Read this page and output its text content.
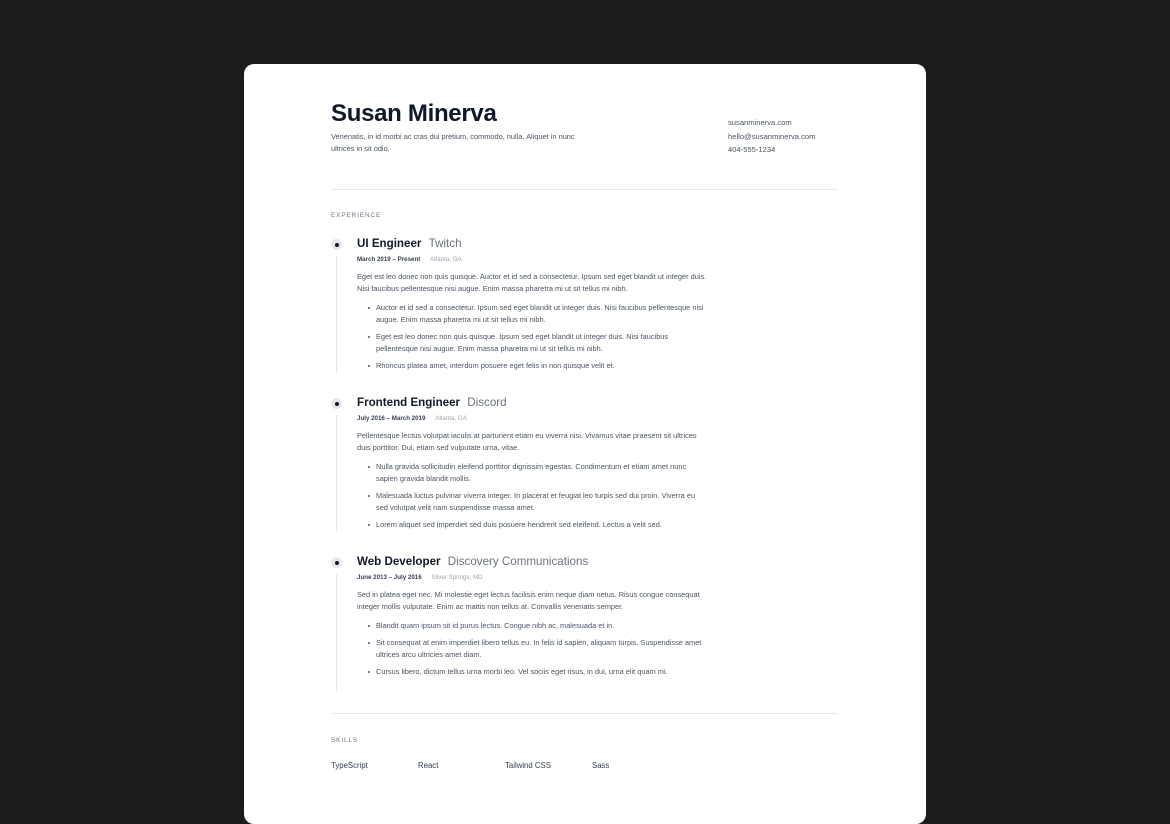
Susan Minerva
Venenatis, in id morbi ac cras dui pretium, commodo, nulla. Aliquet in nunc ultrices in sit odio.
susanminerva.com
hello@susanminerva.com
404-555-1234
EXPERIENCE
UI Engineer Twitch
March 2019 – Present Atlanta, GA
Eget est leo donec non quis quisque. Auctor et id sed a consectetur. Ipsum sed eget blandit ut integer duis. Nisi faucibus pellentesque nisi augue. Enim massa pharetra mi ut sit tellus mi nibh.
Auctor et id sed a consectetur. Ipsum sed eget blandit ut integer duis. Nisi faucibus pellentesque nisi augue. Enim massa pharetra mi ut sit tellus mi nibh.
Eget est leo donec non quis quisque. Ipsum sed eget blandit ut integer duis. Nisi faucibus pellentesque nisi augue. Enim massa pharetra mi ut sit tellus mi nibh.
Rhoncus platea amet, interdum posuere eget felis in non quisque velit et.
Frontend Engineer Discord
July 2016 – March 2019 Atlanta, GA
Pellentesque lectus volutpat iaculis at parturient etiam eu viverra nisi. Vivamus vitae praesent sit ultrices duis porttitor. Dui, etiam sed vulputate urna, vitae.
Nulla gravida sollicitudin eleifend porttitor dignissim egestas. Condimentum et etiam amet nunc sapien gravida blandit mollis.
Malesuada luctus pulvinar viverra integer. In placerat et feugiat leo turpis sed dui proin. Viverra eu sed volutpat velit nam suspendisse massa amet.
Lorem aliquet sed imperdiet sed duis posuere hendrerit sed eleifend. Lectus a velit sed.
Web Developer Discovery Communications
June 2013 – July 2016 Silver Springs, MD
Sed in platea eget nec. Mi molestie eget lectus facilisis enim neque diam netus. Risus congue consequat integer mollis vulputate. Enim ac mattis non tellus at. Convallis venenatis semper.
Blandit quam ipsum sit id purus lectus. Congue nibh ac, malesuada et in.
Sit consequat at enim imperdiet libero tellus eu. In felis id sapien, aliquam turpis. Suspendisse amet ultrices arcu ultricies amet diam.
Cursus libero, dictum tellus urna morbi leo. Vel sociis eget risus, in dui, urna elit quam mi.
SKILLS
TypeScript	React	Tailwind CSS	Sass
